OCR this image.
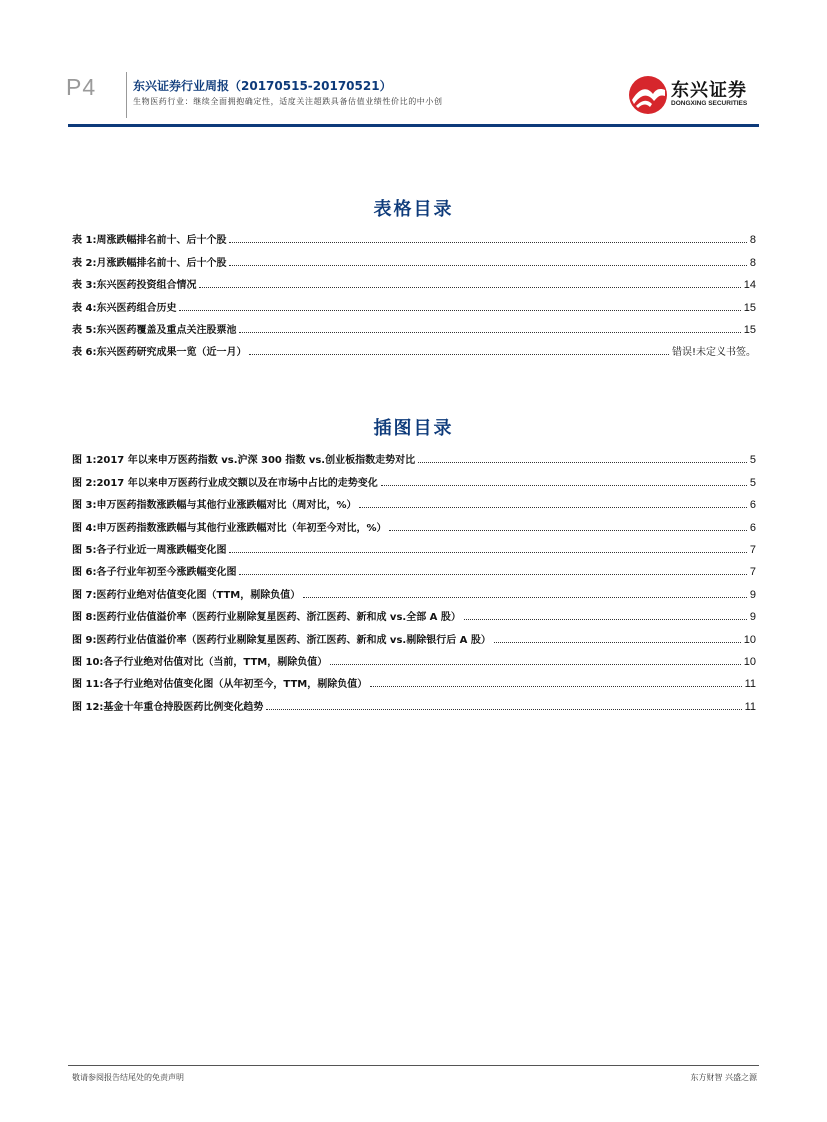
P4	东兴证券行业周报（20170515-20170521）
生物医药行业：继续全面拥抱确定性，适度关注超跌具备估值业绩性价比的中小创
东兴证券
DONGXING SECURITIES
表格目录
表 1:周涨跌幅排名前十、后十个股	8
表 2:月涨跌幅排名前十、后十个股	8
表 3:东兴医药投资组合情况	14
表 4:东兴医药组合历史	15
表 5:东兴医药覆盖及重点关注股票池	15
表 6:东兴医药研究成果一览（近一月）	错误!未定义书签。
插图目录
图 1:2017 年以来申万医药指数 vs.沪深 300 指数 vs.创业板指数走势对比	5
图 2:2017 年以来申万医药行业成交额以及在市场中占比的走势变化	5
图 3:申万医药指数涨跌幅与其他行业涨跌幅对比（周对比，%）	6
图 4:申万医药指数涨跌幅与其他行业涨跌幅对比（年初至今对比，%）	6
图 5:各子行业近一周涨跌幅变化图	7
图 6:各子行业年初至今涨跌幅变化图	7
图 7:医药行业绝对估值变化图（TTM，剔除负值）	9
图 8:医药行业估值溢价率（医药行业剔除复星医药、浙江医药、新和成 vs.全部 A 股）	9
图 9:医药行业估值溢价率（医药行业剔除复星医药、浙江医药、新和成 vs.剔除银行后 A 股）	10
图 10:各子行业绝对估值对比（当前，TTM，剔除负值）	10
图 11:各子行业绝对估值变化图（从年初至今，TTM，剔除负值）	11
图 12:基金十年重仓持股医药比例变化趋势	11
敬请参阅报告结尾处的免责声明	东方财智 兴盛之源
